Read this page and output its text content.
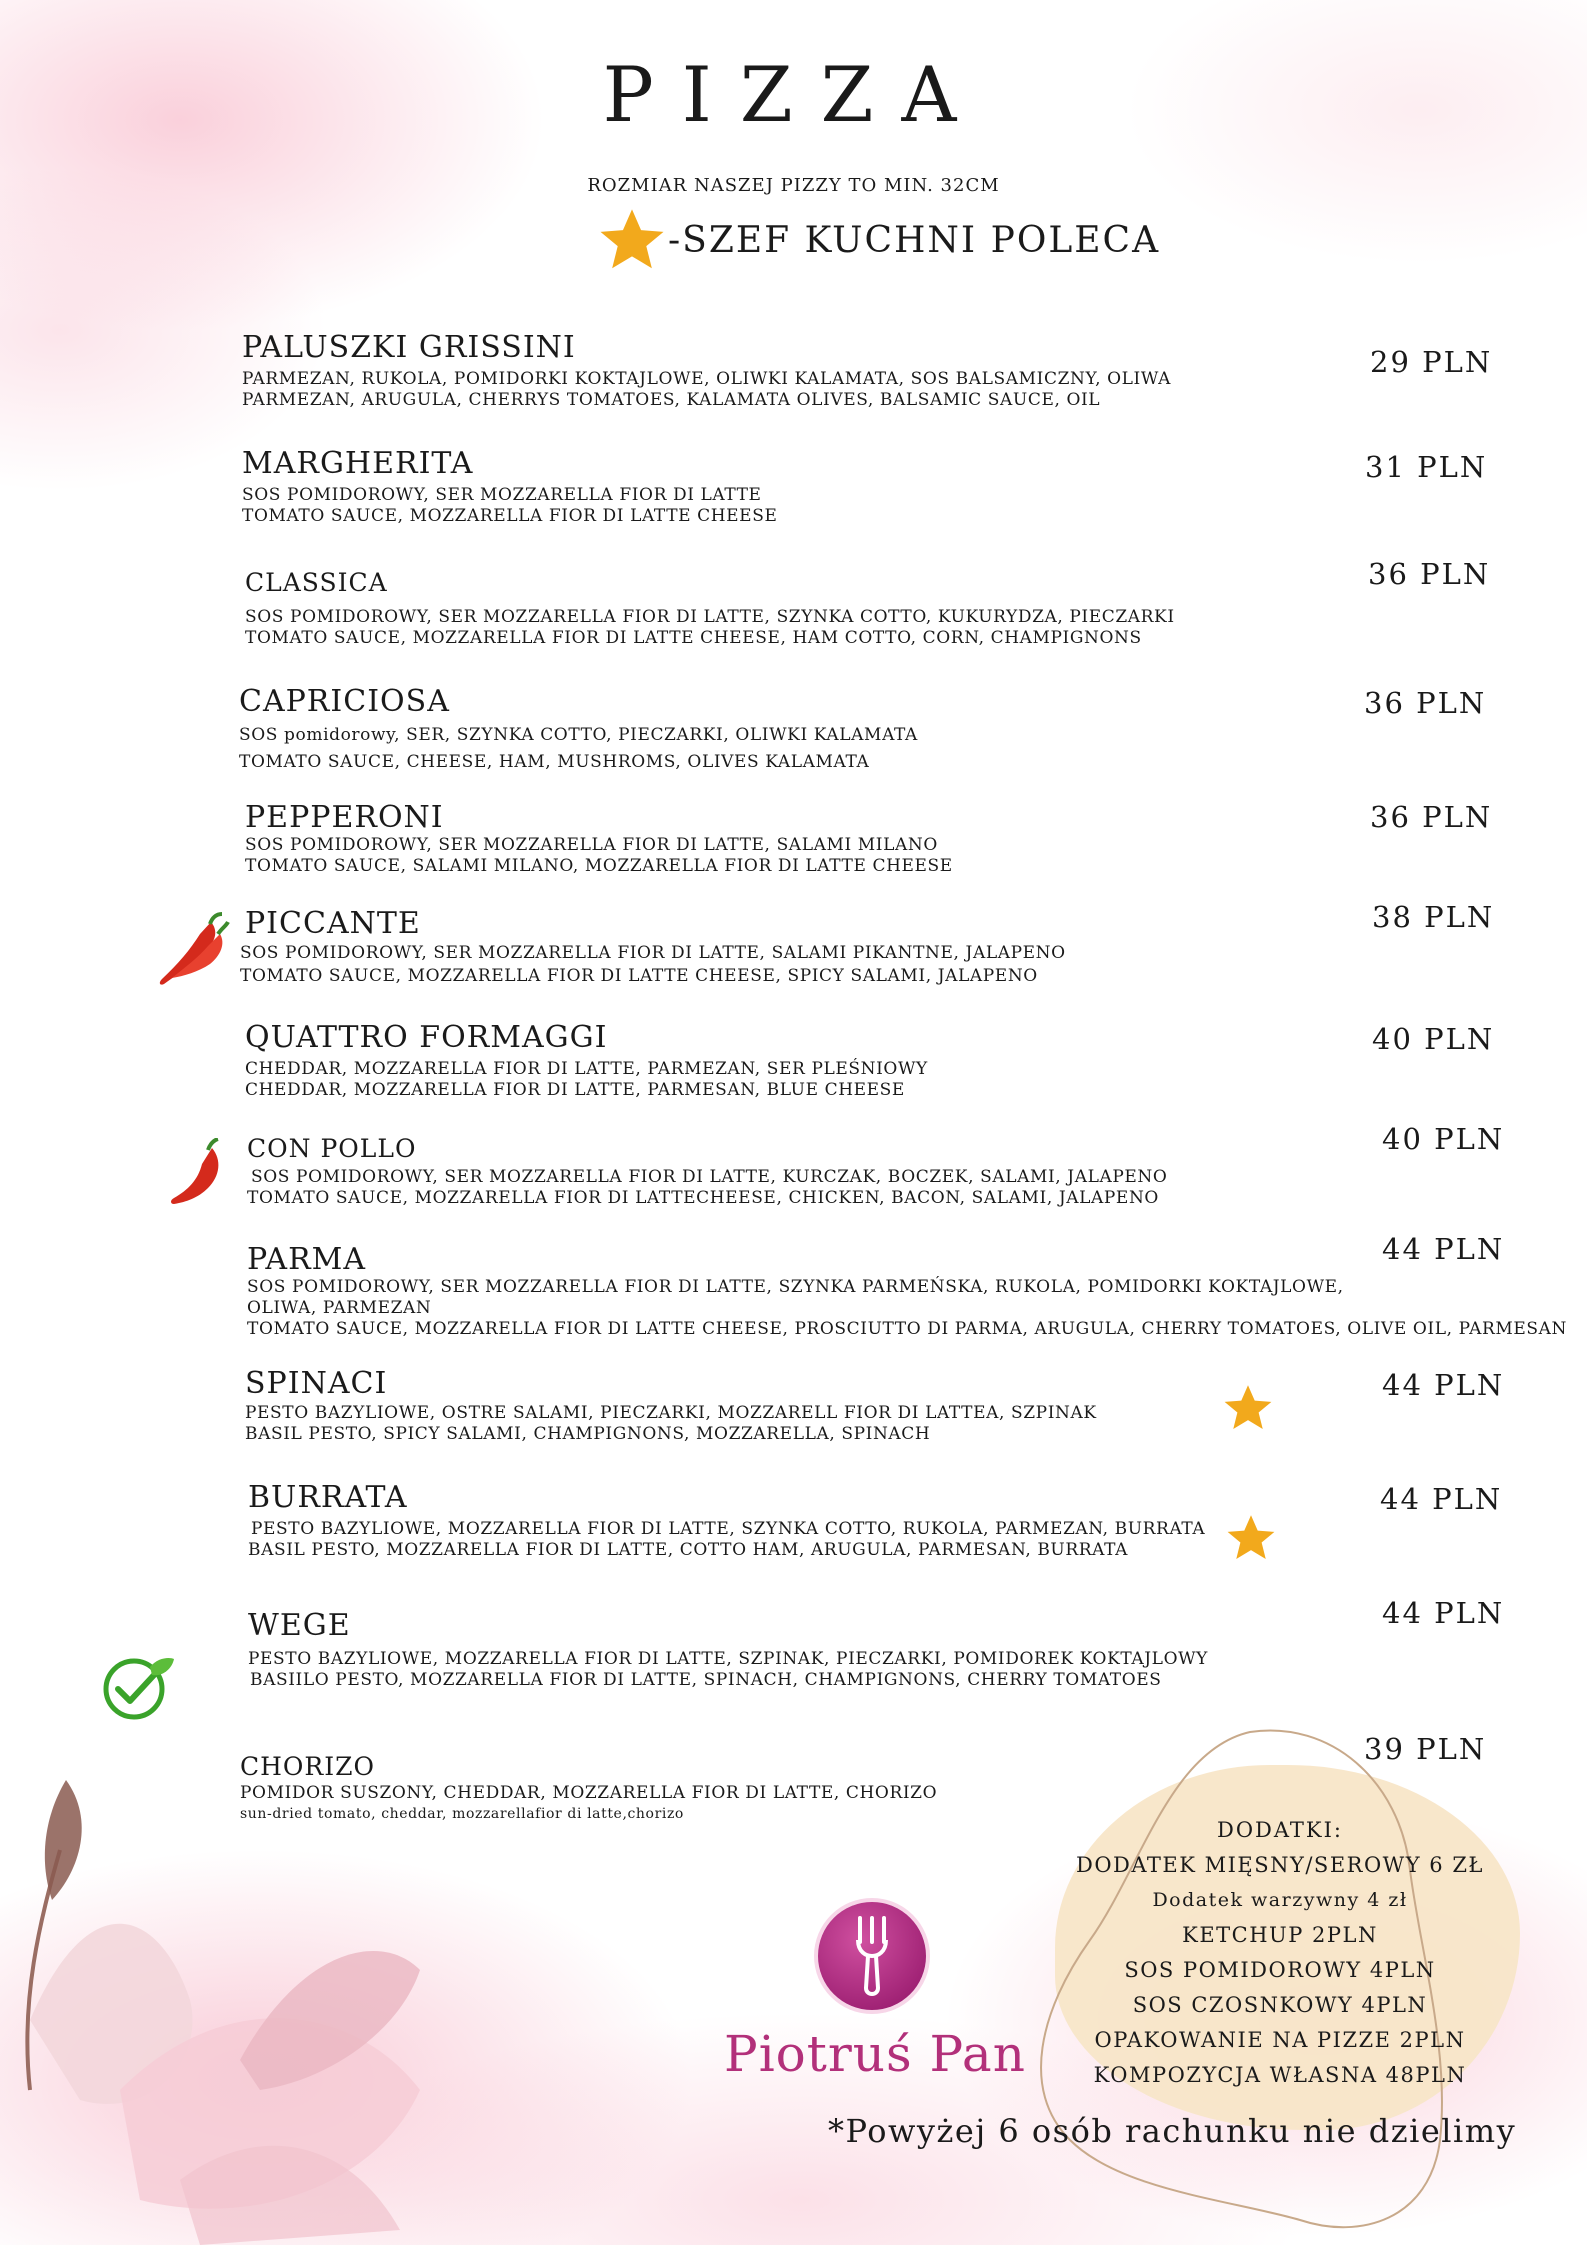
PIZZA
ROZMIAR NASZEJ PIZZY TO MIN. 32CM
-SZEF KUCHNI POLECA
PALUSZKI GRISSINI
PARMEZAN, RUKOLA, POMIDORKI KOKTAJLOWE, OLIWKI KALAMATA, SOS BALSAMICZNY, OLIWA
PARMEZAN, ARUGULA, CHERRYS TOMATOES, KALAMATA OLIVES, BALSAMIC SAUCE, OIL
29 PLN
MARGHERITA
SOS POMIDOROWY, SER MOZZARELLA FIOR DI LATTE
TOMATO SAUCE, MOZZARELLA FIOR DI LATTE CHEESE
31 PLN
CLASSICA
SOS POMIDOROWY, SER MOZZARELLA FIOR DI LATTE, SZYNKA COTTO, KUKURYDZA, PIECZARKI
TOMATO SAUCE, MOZZARELLA FIOR DI LATTE CHEESE, HAM COTTO, CORN, CHAMPIGNONS
36 PLN
CAPRICIOSA
SOS pomidorowy, SER, SZYNKA COTTO, PIECZARKI, OLIWKI KALAMATA
TOMATO SAUCE, CHEESE, HAM, MUSHROMS, OLIVES KALAMATA
36 PLN
PEPPERONI
SOS POMIDOROWY, SER MOZZARELLA FIOR DI LATTE, SALAMI MILANO
TOMATO SAUCE, SALAMI MILANO, MOZZARELLA FIOR DI LATTE CHEESE
36 PLN
PICCANTE
SOS POMIDOROWY, SER MOZZARELLA FIOR DI LATTE, SALAMI PIKANTNE, JALAPENO
TOMATO SAUCE, MOZZARELLA FIOR DI LATTE CHEESE, SPICY SALAMI, JALAPENO
38 PLN
QUATTRO FORMAGGI
CHEDDAR, MOZZARELLA FIOR DI LATTE, PARMEZAN, SER PLEŚNIOWY
CHEDDAR, MOZZARELLA FIOR DI LATTE, PARMESAN, BLUE CHEESE
40 PLN
CON POLLO
SOS POMIDOROWY, SER MOZZARELLA FIOR DI LATTE, KURCZAK, BOCZEK, SALAMI, JALAPENO
TOMATO SAUCE, MOZZARELLA FIOR DI LATTECHEESE, CHICKEN, BACON, SALAMI, JALAPENO
40 PLN
PARMA
SOS POMIDOROWY, SER MOZZARELLA FIOR DI LATTE, SZYNKA PARMEŃSKA, RUKOLA, POMIDORKI KOKTAJLOWE,
OLIWA, PARMEZAN
TOMATO SAUCE, MOZZARELLA FIOR DI LATTE CHEESE, PROSCIUTTO DI PARMA, ARUGULA, CHERRY TOMATOES, OLIVE OIL, PARMESAN
44 PLN
SPINACI
PESTO BAZYLIOWE, OSTRE SALAMI, PIECZARKI, MOZZARELL FIOR DI LATTEA, SZPINAK
BASIL PESTO, SPICY SALAMI, CHAMPIGNONS, MOZZARELLA, SPINACH
44 PLN
BURRATA
PESTO BAZYLIOWE, MOZZARELLA FIOR DI LATTE, SZYNKA COTTO, RUKOLA, PARMEZAN, BURRATA
BASIL PESTO, MOZZARELLA FIOR DI LATTE, COTTO HAM, ARUGULA, PARMESAN, BURRATA
44 PLN
WEGE
PESTO BAZYLIOWE, MOZZARELLA FIOR DI LATTE, SZPINAK, PIECZARKI, POMIDOREK KOKTAJLOWY
BASIILO PESTO, MOZZARELLA FIOR DI LATTE, SPINACH, CHAMPIGNONS, CHERRY TOMATOES
44 PLN
CHORIZO
POMIDOR SUSZONY, CHEDDAR, MOZZARELLA FIOR DI LATTE, CHORIZO
sun-dried tomato, cheddar, mozzarellafior di latte,chorizo
39 PLN
DODATKI:
DODATEK MIĘSNY/SEROWY 6 ZŁ
Dodatek warzywny 4 zł
KETCHUP 2PLN
SOS POMIDOROWY 4PLN
SOS CZOSNKOWY 4PLN
OPAKOWANIE NA PIZZE 2PLN
KOMPOZYCJA WŁASNA 48PLN
Piotruś Pan
*Powyżej 6 osób rachunku nie dzielimy
